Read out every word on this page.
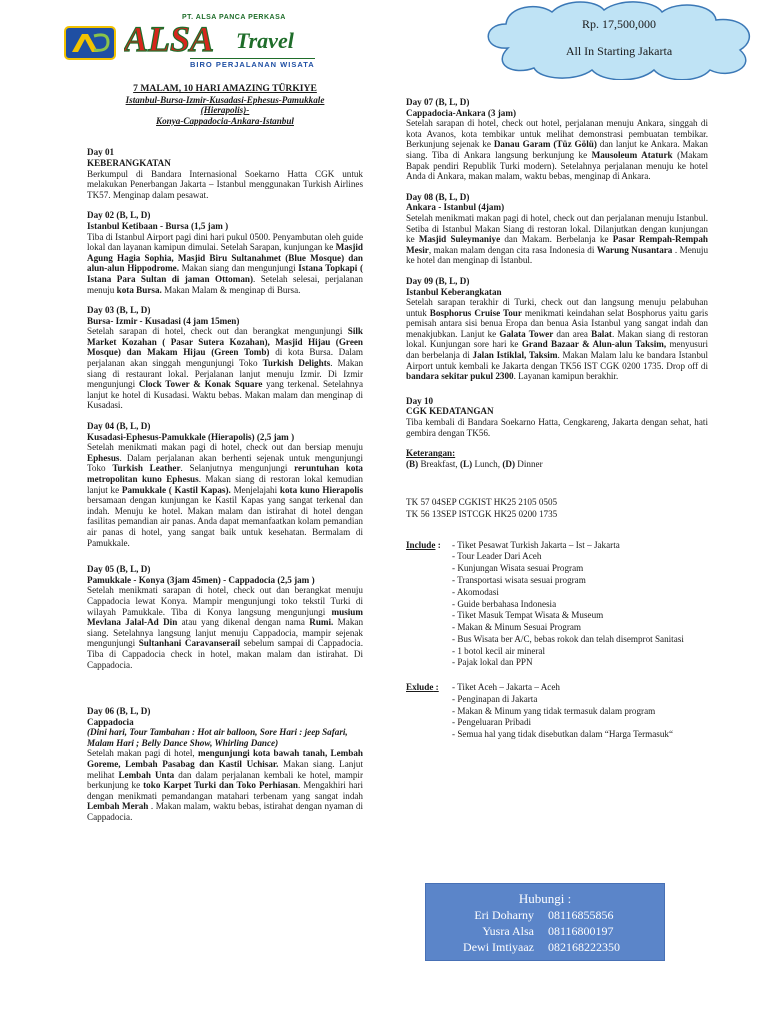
PT. ALSA PANCA PERKASA
ALSA Travel
BIRO PERJALANAN WISATA
Rp. 17,500,000
All In Starting Jakarta
7 MALAM, 10 HARI AMAZING TÜRKIYE
Istanbul-Bursa-Izmir-Kusadasi-Ephesus-Pamukkale
(Hierapolis)-
Konya-Cappadocia-Ankara-Istanbul
Day 01
KEBERANGKATAN
Berkumpul di Bandara Internasional Soekarno Hatta CGK untuk melakukan Penerbangan Jakarta – Istanbul menggunakan Turkish Airlines TK57. Menginap dalam pesawat.
Day 02 (B, L, D)
Istanbul Ketibaan - Bursa (1,5 jam )
Tiba di Istanbul Airport pagi dini hari pukul 0500. Penyambutan oleh guide lokal dan layanan kamipun dimulai. Setelah Sarapan, kunjungan ke Masjid Agung Hagia Sophia, Masjid Biru Sultanahmet (Blue Mosque) dan alun-alun Hippodrome. Makan siang dan mengunjungi Istana Topkapi ( Istana Para Sultan di jaman Ottoman). Setelah selesai, perjalanan menuju kota Bursa. Makan Malam & menginap di Bursa.
Day 03 (B, L, D)
Bursa- Izmir - Kusadasi (4 jam 15men)
Setelah sarapan di hotel, check out dan berangkat mengunjungi Silk Market Kozahan ( Pasar Sutera Kozahan), Masjid Hijau (Green Mosque) dan Makam Hijau (Green Tomb) di kota Bursa. Dalam perjalanan akan singgah mengunjungi Toko Turkish Delights. Makan siang di restaurant lokal. Perjalanan lanjut menuju Izmir. Di Izmir mengunjungi Clock Tower & Konak Square yang terkenal. Setelahnya lanjut ke hotel di Kusadasi. Waktu bebas. Makan malam dan menginap di Kusadasi.
Day 04 (B, L, D)
Kusadasi-Ephesus-Pamukkale (Hierapolis) (2,5 jam )
Setelah menikmati makan pagi di hotel, check out dan bersiap menuju Ephesus. Dalam perjalanan akan berhenti sejenak untuk mengunjungi Toko Turkish Leather. Selanjutnya mengunjungi reruntuhan kota metropolitan kuno Ephesus. Makan siang di restoran lokal kemudian lanjut ke Pamukkale ( Kastil Kapas). Menjelajahi kota kuno Hierapolis bersamaan dengan kunjungan ke Kastil Kapas yang sangat terkenal dan indah. Menuju ke hotel. Makan malam dan istirahat di hotel dengan fasilitas pemandian air panas. Anda dapat memanfaatkan kolam pemandian air panas di hotel, yang sangat baik untuk kesehatan. Bermalam di Pamukkale.
Day 05 (B, L, D)
Pamukkale - Konya (3jam 45men) - Cappadocia (2,5 jam )
Setelah menikmati sarapan di hotel, check out dan berangkat menuju Cappadocia lewat Konya. Mampir mengunjungi toko tekstil Turki di wilayah Pamukkale. Tiba di Konya langsung mengunjungi musium Mevlana Jalal-Ad Din atau yang dikenal dengan nama Rumi. Makan siang. Setelahnya langsung lanjut menuju Cappadocia, mampir sejenak mengunjungi Sultanhani Caravanserail sebelum sampai di Cappadocia. Tiba di Cappadocia check in hotel, makan malam dan istirahat. Di Cappadocia.
Day 06 (B, L, D)
Cappadocia
(Dini hari, Tour Tambahan : Hot air balloon, Sore Hari : jeep Safari, Malam Hari ; Belly Dance Show, Whirling Dance)
Setelah makan pagi di hotel, mengunjungi kota bawah tanah, Lembah Goreme, Lembah Pasabag dan Kastil Uchisar. Makan siang. Lanjut melihat Lembah Unta dan dalam perjalanan kembali ke hotel, mampir berkunjung ke toko Karpet Turki dan Toko Perhiasan. Mengakhiri hari dengan menikmati pemandangan matahari terbenam yang sangat indah Lembah Merah . Makan malam, waktu bebas, istirahat dengan nyaman di Cappadocia.
Day 07 (B, L, D)
Cappadocia-Ankara (3 jam)
Setelah sarapan di hotel, check out hotel, perjalanan menuju Ankara, singgah di kota Avanos, kota tembikar untuk melihat demonstrasi pembuatan tembikar. Berkunjung sejenak ke Danau Garam (Tüz Gölü) dan lanjut ke Ankara. Makan siang. Tiba di Ankara langsung berkunjung ke Mausoleum Ataturk (Makam Bapak pendiri Republik Turki modern). Setelahnya perjalanan menuju ke hotel Anda di Ankara, makan malam, waktu bebas, menginap di Ankara.
Day 08 (B, L, D)
Ankara - Istanbul (4jam)
Setelah menikmati makan pagi di hotel, check out dan perjalanan menuju Istanbul. Setiba di Istanbul Makan Siang di restoran lokal. Dilanjutkan dengan kunjungan ke Masjid Suleymaniye dan Makam. Berbelanja ke Pasar Rempah-Rempah Mesir, makan malam dengan cita rasa Indonesia di Warung Nusantara . Menuju ke hotel dan menginap di Istanbul.
Day 09 (B, L, D)
Istanbul Keberangkatan
Setelah sarapan terakhir di Turki, check out dan langsung menuju pelabuhan untuk Bosphorus Cruise Tour menikmati keindahan selat Bosphorus yaitu garis pemisah antara sisi benua Eropa dan benua Asia Istanbul yang sangat indah dan menakjubkan. Lanjut ke Galata Tower dan area Balat. Makan siang di restoran lokal. Kunjungan sore hari ke Grand Bazaar & Alun-alun Taksim, menyusuri dan berbelanja di Jalan Istiklal, Taksim. Makan Malam lalu ke bandara Istanbul Airport untuk kembali ke Jakarta dengan TK56 IST CGK 0200 1735. Drop off di bandara sekitar pukul 2300. Layanan kamipun berakhir.
Day 10
CGK KEDATANGAN
Tiba kembali di Bandara Soekarno Hatta, Cengkareng, Jakarta dengan sehat, hati gembira dengan TK56.
Keterangan:
(B) Breakfast, (L) Lunch, (D) Dinner
TK 57 04SEP CGKIST HK25 2105 0505
TK 56 13SEP ISTCGK HK25 0200 1735
Include :	- Tiket Pesawat Turkish Jakarta – Ist – Jakarta
- Tour Leader Dari Aceh
- Kunjungan Wisata sesuai Program
- Transportasi wisata sesuai program
- Akomodasi
- Guide berbahasa Indonesia
- Tiket Masuk Tempat Wisata & Museum
- Makan & Minum Sesuai Program
- Bus Wisata ber A/C, bebas rokok dan telah disemprot Sanitasi
- 1 botol kecil air mineral
- Pajak lokal dan PPN
Exlude :	- Tiket Aceh – Jakarta – Aceh
- Penginapan di Jakarta
- Makan & Minum yang tidak termasuk dalam program
- Pengeluaran Pribadi
- Semua hal yang tidak disebutkan dalam “Harga Termasuk“
Hubungi :
Eri Doharny 08116855856
Yusra Alsa 08116800197
Dewi Imtiyaaz 082168222350
